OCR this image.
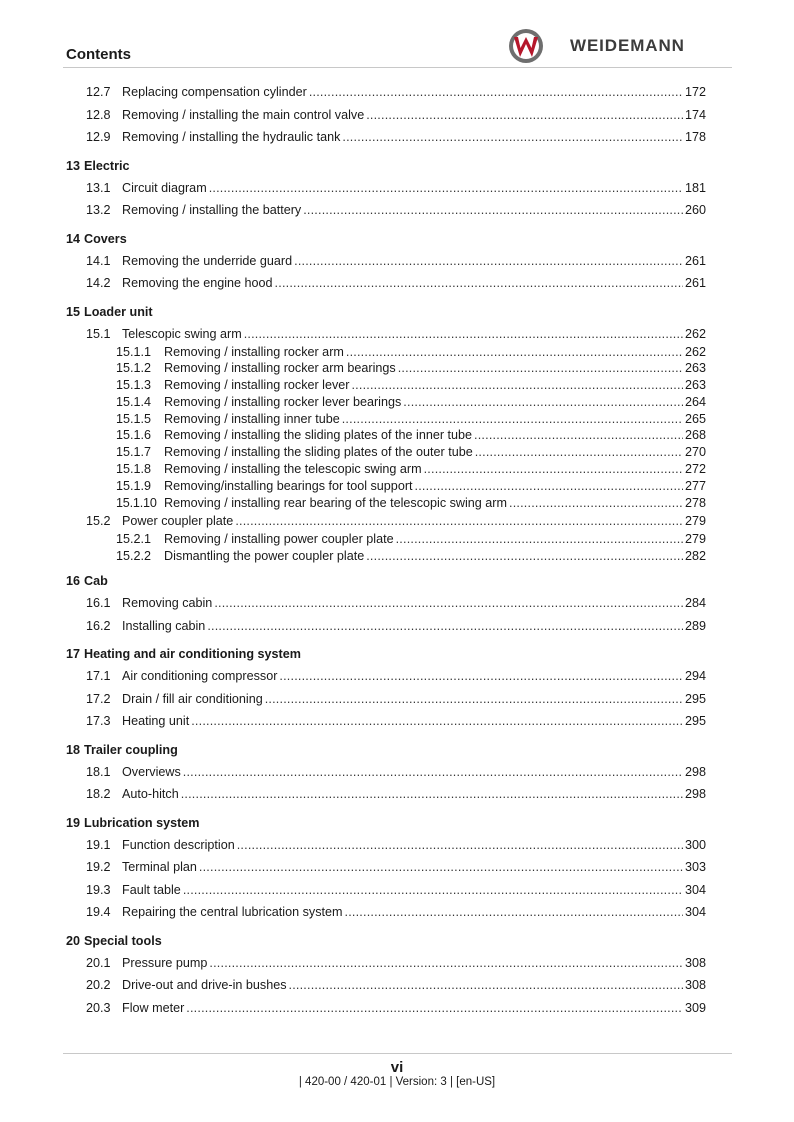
Contents	WEIDEMANN
12.7 Replacing compensation cylinder .....	172
12.8 Removing / installing the main control valve .....	174
12.9 Removing / installing the hydraulic tank .....	178
13 Electric
13.1 Circuit diagram .....	181
13.2 Removing / installing the battery .....	260
14 Covers
14.1 Removing the underride guard .....	261
14.2 Removing the engine hood .....	261
15 Loader unit
15.1 Telescopic swing arm .....	262
15.1.1	Removing / installing rocker arm .....	262
15.1.2	Removing / installing rocker arm bearings .....	263
15.1.3	Removing / installing rocker lever .....	263
15.1.4	Removing / installing rocker lever bearings .....	264
15.1.5	Removing / installing inner tube .....	265
15.1.6	Removing / installing the sliding plates of the inner tube .....	268
15.1.7	Removing / installing the sliding plates of the outer tube .....	270
15.1.8	Removing / installing the telescopic swing arm .....	272
15.1.9	Removing/installing bearings for tool support .....	277
15.1.10 Removing / installing rear bearing of the telescopic swing arm .....	278
15.2 Power coupler plate .....	279
15.2.1	Removing / installing power coupler plate .....	279
15.2.2	Dismantling the power coupler plate .....	282
16 Cab
16.1 Removing cabin .....	284
16.2 Installing cabin .....	289
17 Heating and air conditioning system
17.1 Air conditioning compressor .....	294
17.2 Drain / fill air conditioning .....	295
17.3 Heating unit .....	295
18 Trailer coupling
18.1 Overviews .....	298
18.2 Auto-hitch .....	298
19 Lubrication system
19.1 Function description .....	300
19.2 Terminal plan .....	303
19.3 Fault table .....	304
19.4 Repairing the central lubrication system .....	304
20 Special tools
20.1 Pressure pump .....	308
20.2 Drive-out and drive-in bushes .....	308
20.3 Flow meter .....	309
vi
| 420-00 / 420-01 | Version: 3 | [en-US]
